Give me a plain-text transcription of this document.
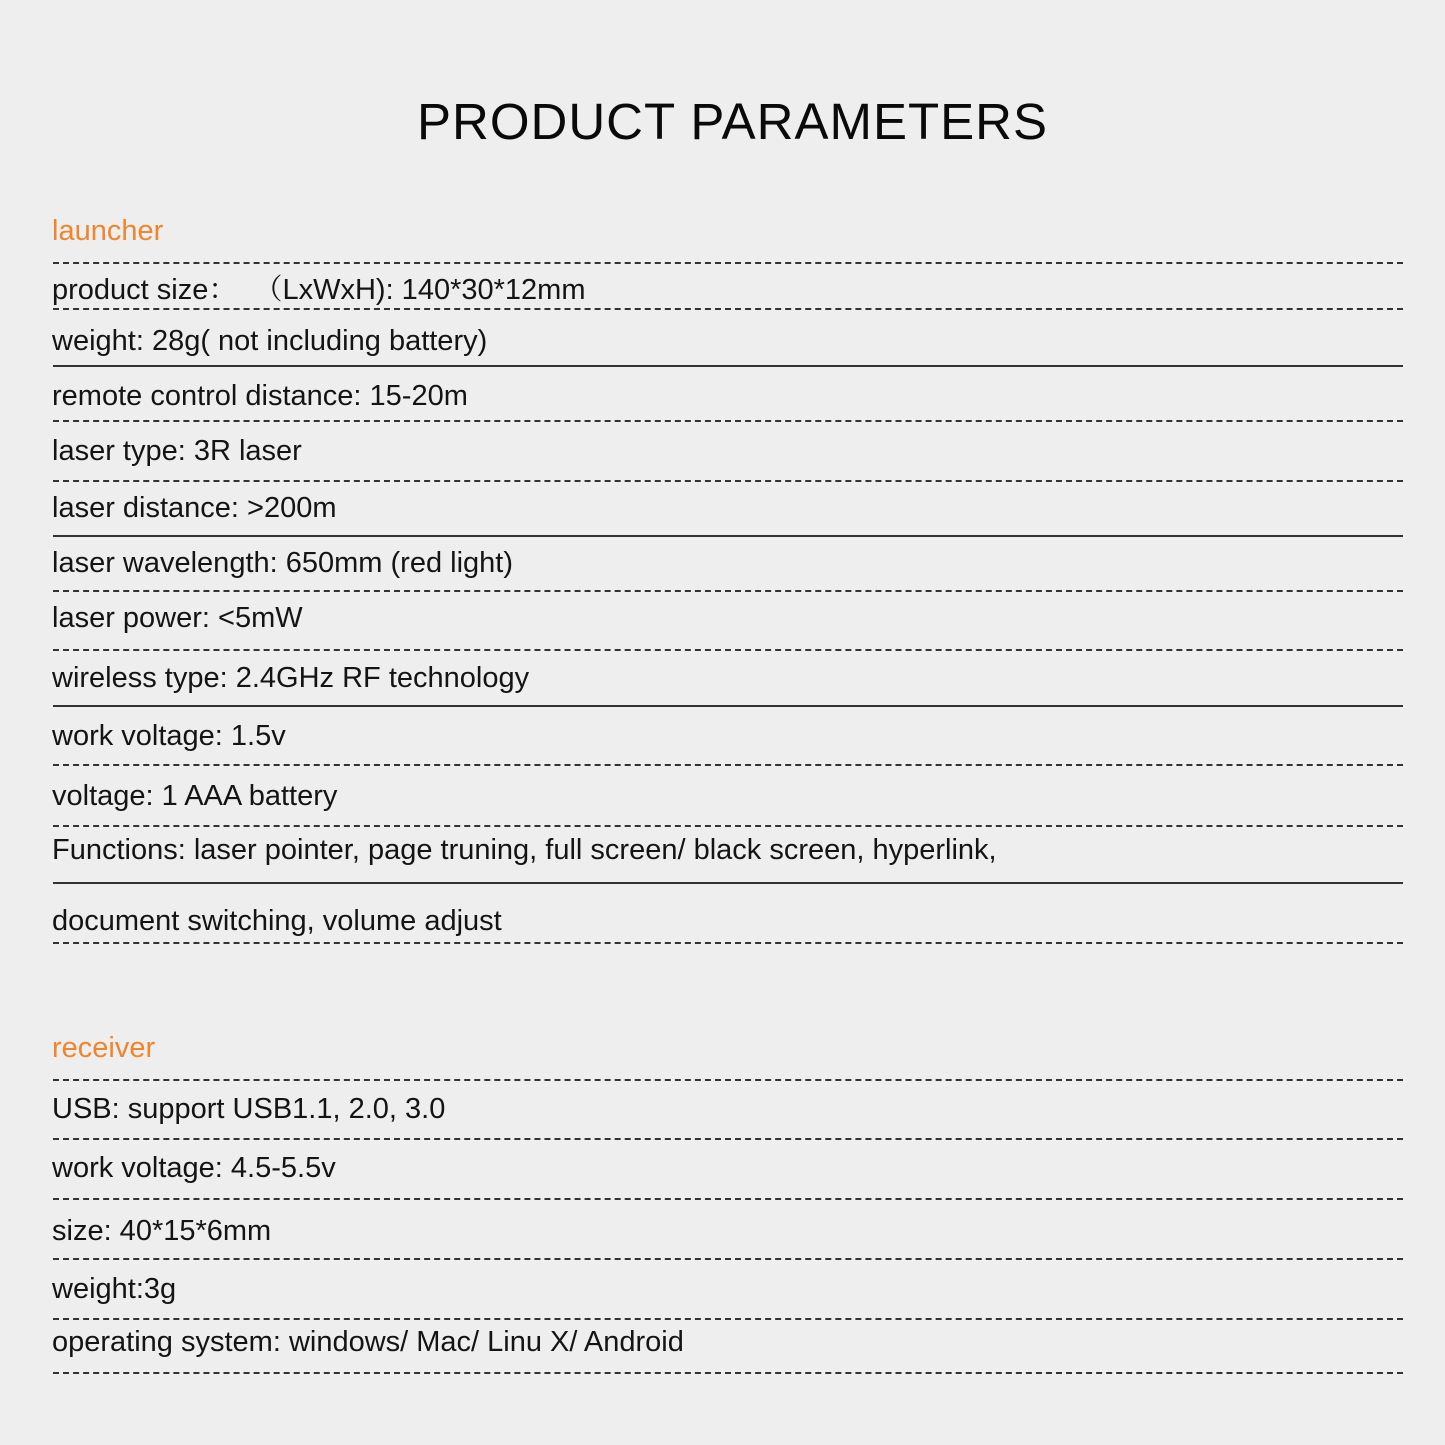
PRODUCT PARAMETERS
launcher
product size：  （LxWxH): 140*30*12mm
weight: 28g( not including battery)
remote control distance: 15-20m
laser type: 3R laser
laser distance: >200m
laser wavelength: 650mm (red light)
laser power: <5mW
wireless type: 2.4GHz RF technology
work voltage: 1.5v
voltage: 1 AAA battery
Functions: laser pointer, page truning, full screen/ black screen, hyperlink,
document switching, volume adjust
receiver
USB: support USB1.1, 2.0, 3.0
work voltage: 4.5-5.5v
size: 40*15*6mm
weight:3g
operating system: windows/ Mac/ Linu X/ Android
